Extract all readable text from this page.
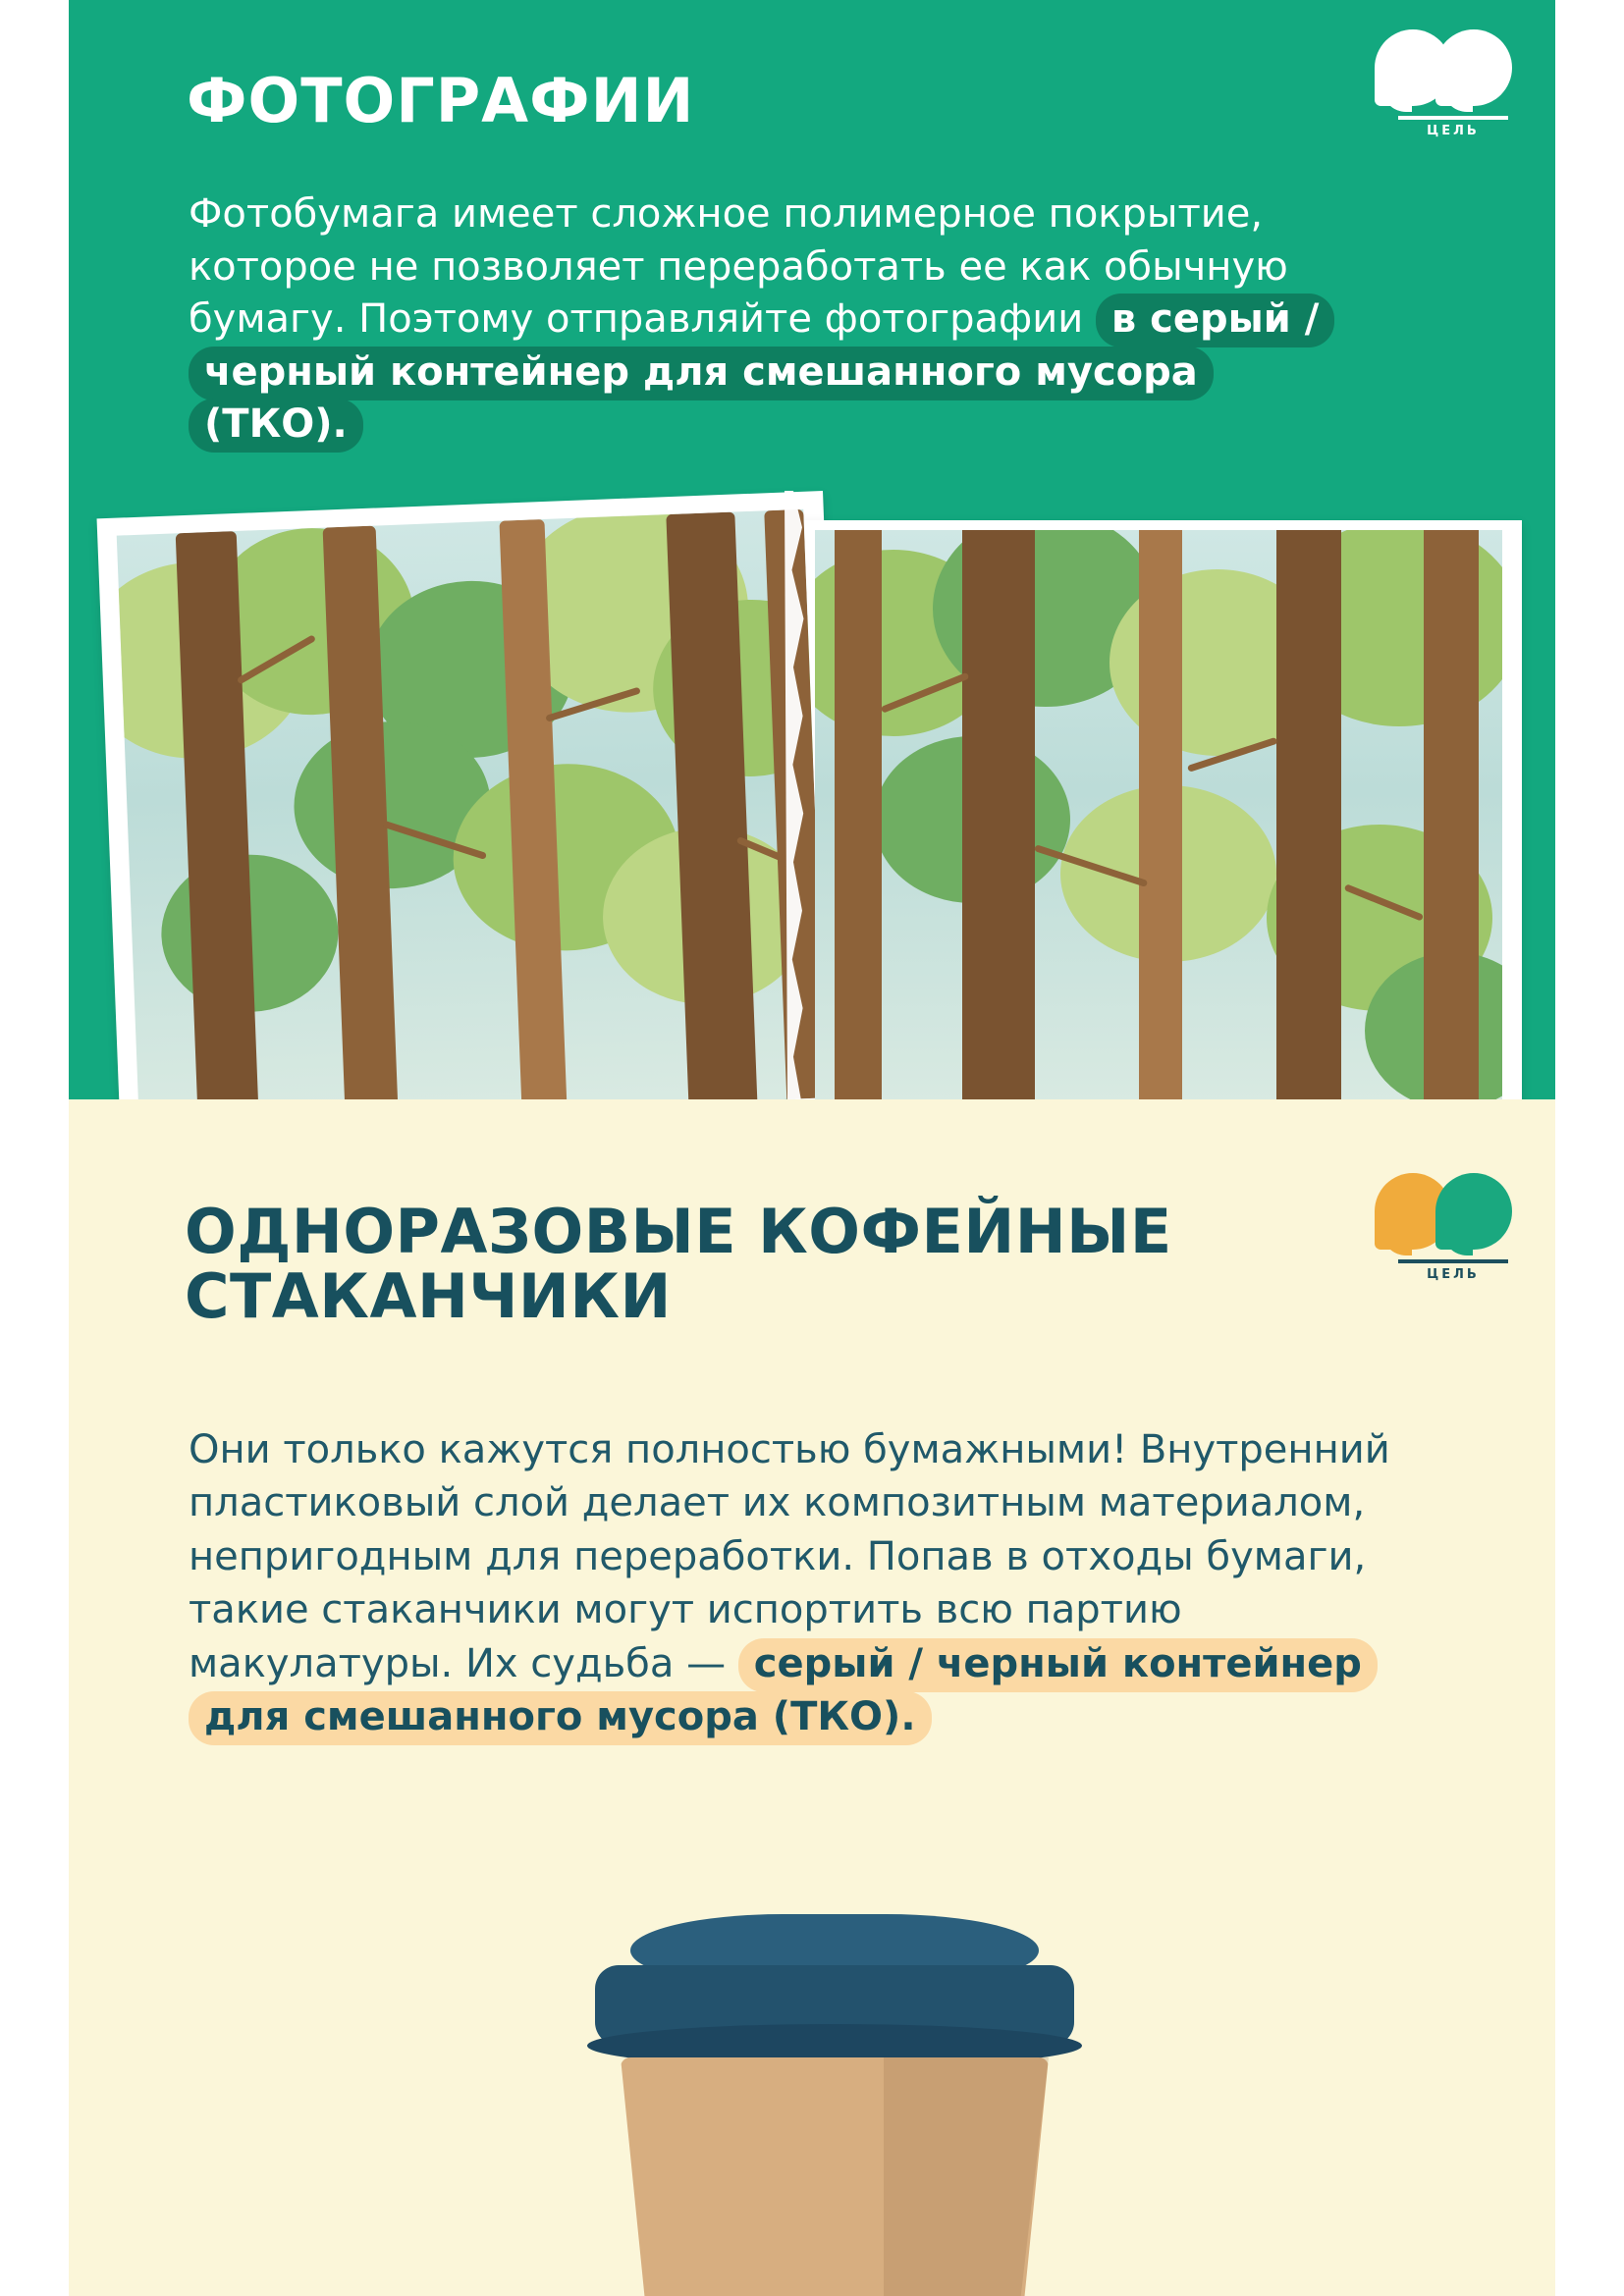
ФОТОГРАФИИ	ЦЕЛЬ

Фотобумага имеет сложное полимерное покрытие, которое не позволяет переработать ее как обычную бумагу. Поэтому отправляйте фотографии в серый / черный контейнер для смешанного мусора (ТКО).

ОДНОРАЗОВЫЕ КОФЕЙНЫЕ СТАКАНЧИКИ	ЦЕЛЬ

Они только кажутся полностью бумажными! Внутренний пластиковый слой делает их композитным материалом, непригодным для переработки. Попав в отходы бумаги, такие стаканчики могут испортить всю партию макулатуры. Их судьба — серый / черный контейнер для смешанного мусора (ТКО).
